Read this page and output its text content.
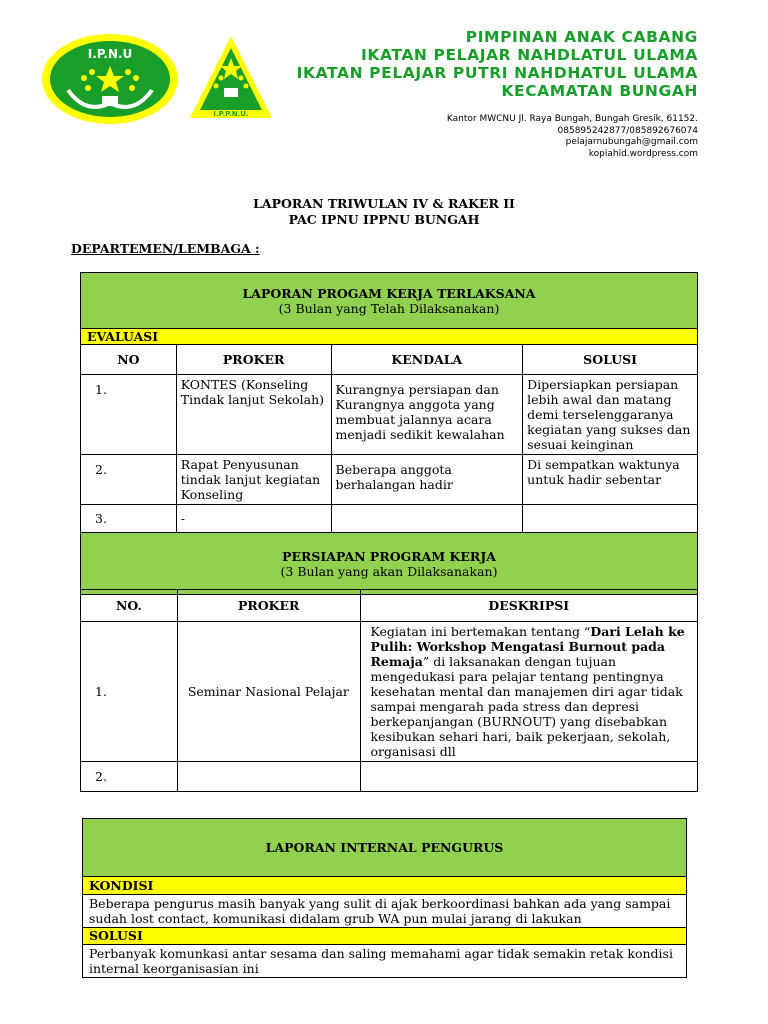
I.P.N.U
I.P.P.N.U.
PIMPINAN ANAK CABANG
IKATAN PELAJAR NAHDLATUL ULAMA
IKATAN PELAJAR PUTRI NAHDHATUL ULAMA
KECAMATAN BUNGAH
Kantor MWCNU Jl. Raya Bungah, Bungah Gresik, 61152.
085895242877/085892676074
pelajarnubungah@gmail.com
kopiahid.wordpress.com
LAPORAN TRIWULAN IV & RAKER II
PAC IPNU IPPNU BUNGAH
DEPARTEMEN/LEMBAGA :
LAPORAN PROGAM KERJA TERLAKSANA
(3 Bulan yang Telah Dilaksanakan)			

EVALUASI			
NO	PROKER	KENDALA	SOLUSI
1.	KONTES (Konseling Tindak lanjut Sekolah)	Kurangnya persiapan dan Kurangnya anggota yang membuat jalannya acara menjadi sedikit kewalahan	Dipersiapkan persiapan lebih awal dan matang demi terselenggaranya kegiatan yang sukses dan sesuai keinginan
2.	Rapat Penyusunan tindak lanjut kegiatan Konseling	Beberapa anggota berhalangan hadir	Di sempatkan waktunya untuk hadir sebentar
3.	-		
PERSIAPAN PROGRAM KERJA
(3 Bulan yang akan Dilaksanakan)			
NO.	PROKER	DESKRIPSI
1.	Seminar Nasional Pelajar	Kegiatan ini bertemakan tentang “Dari Lelah ke Pulih: Workshop Mengatasi Burnout pada Remaja” di laksanakan dengan tujuan mengedukasi para pelajar tentang pentingnya kesehatan mental dan manajemen diri agar tidak sampai mengarah pada stress dan depresi berkepanjangan (BURNOUT) yang disebabkan kesibukan sehari hari, baik pekerjaan, sekolah, organisasi dll
2.		
LAPORAN INTERNAL PENGURUS
KONDISI
Beberapa pengurus masih banyak yang sulit di ajak berkoordinasi bahkan ada yang sampai sudah lost contact, komunikasi didalam grub WA pun mulai jarang di lakukan
SOLUSI
Perbanyak komunkasi antar sesama dan saling memahami agar tidak semakin retak kondisi internal keorganisasian ini
